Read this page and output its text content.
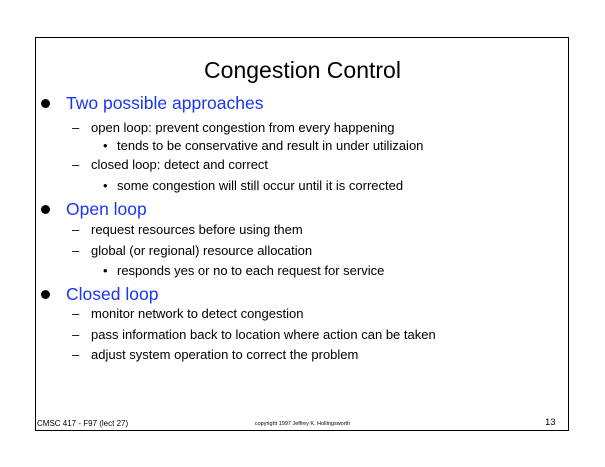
Congestion Control
Two possible approaches
– open loop: prevent congestion from every happening
• tends to be conservative and result in under utilizaion
– closed loop: detect and correct
• some congestion will still occur until it is corrected
Open loop
– request resources before using them
– global (or regional) resource allocation
• responds yes or no to each request for service
Closed loop
– monitor network to detect congestion
– pass information back to location where action can be taken
– adjust system operation to correct the problem
CMSC 417 - F97 (lect 27)	copyright 1997 Jeffrey K. Hollingsworth	13
